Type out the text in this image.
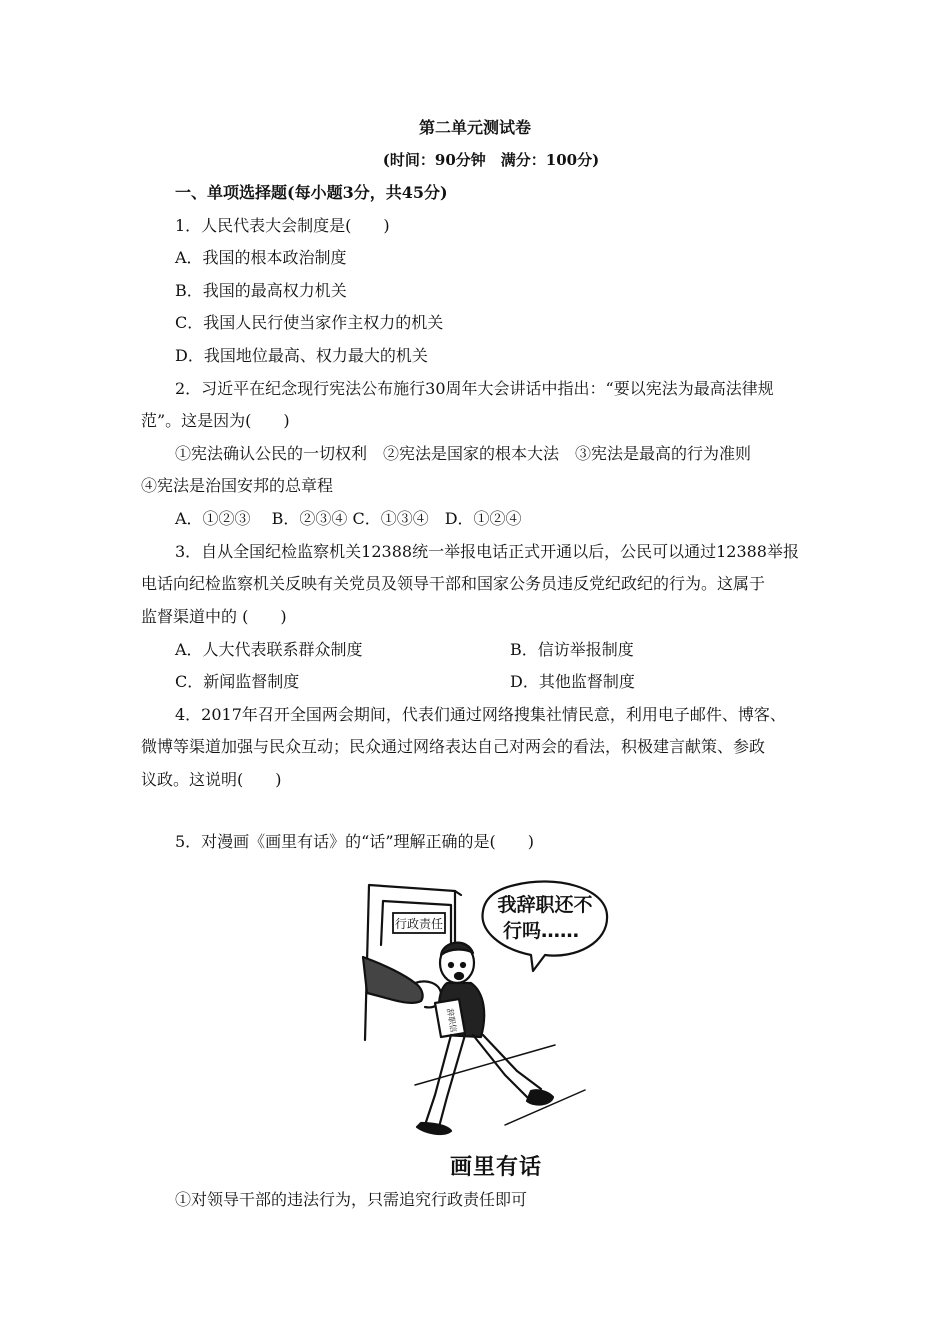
第二单元测试卷
(时间：90分钟　满分：100分)
一、单项选择题(每小题3分，共45分)
1．人民代表大会制度是(　　)
A．我国的根本政治制度
B．我国的最高权力机关
C．我国人民行使当家作主权力的机关
D．我国地位最高、权力最大的机关
2．习近平在纪念现行宪法公布施行30周年大会讲话中指出：“要以宪法为最高法律规
范”。这是因为(　　)
①宪法确认公民的一切权利　②宪法是国家的根本大法　③宪法是最高的行为准则
④宪法是治国安邦的总章程
A．①②③　 B．②③④ C．①③④　D．①②④
3．自从全国纪检监察机关12388统一举报电话正式开通以后，公民可以通过12388举报
电话向纪检监察机关反映有关党员及领导干部和国家公务员违反党纪政纪的行为。这属于
监督渠道中的 (　　)
A．人大代表联系群众制度	B．信访举报制度
C．新闻监督制度	D．其他监督制度
4．2017年召开全国两会期间，代表们通过网络搜集社情民意，利用电子邮件、博客、
微博等渠道加强与民众互动；民众通过网络表达自己对两会的看法，积极建言献策、参政
议政。这说明(　　)
5．对漫画《画里有话》的“话”理解正确的是(　　)
行政责任
我辞职还不
行吗……
辞职信
画里有话
①对领导干部的违法行为，只需追究行政责任即可
